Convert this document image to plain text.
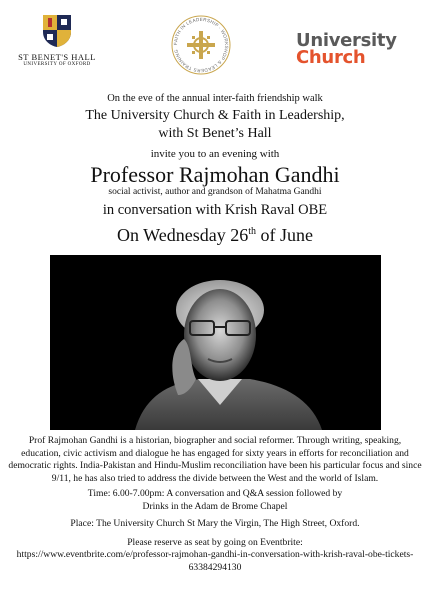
ST BENET'S HALL
UNIVERSITY OF OXFORD
FAITH IN LEADERSHIP · WORKSHOP & LEADERS TRAINING
University
Church
On the eve of the annual inter-faith friendship walk
The University Church & Faith in Leadership,
with St Benet’s Hall
invite you to an evening with
Professor Rajmohan Gandhi
social activist, author and grandson of Mahatma Gandhi
in conversation with Krish Raval OBE
On Wednesday 26th of June

Prof Rajmohan Gandhi is a historian, biographer and social reformer. Through writing, speaking, education, civic activism and dialogue he has engaged for sixty years in efforts for reconciliation and democratic rights. India-Pakistan and Hindu-Muslim reconciliation have been his particular focus and since 9/11, he has also tried to address the divide between the West and the world of Islam.

Time: 6.00-7.00pm: A conversation and Q&A session followed by

Drinks in the Adam de Brome Chapel

Place: The University Church St Mary the Virgin, The High Street, Oxford.

Please reserve as seat by going on Eventbrite:

https://www.eventbrite.com/e/professor-rajmohan-gandhi-in-conversation-with-krish-raval-obe-tickets-63384294130
